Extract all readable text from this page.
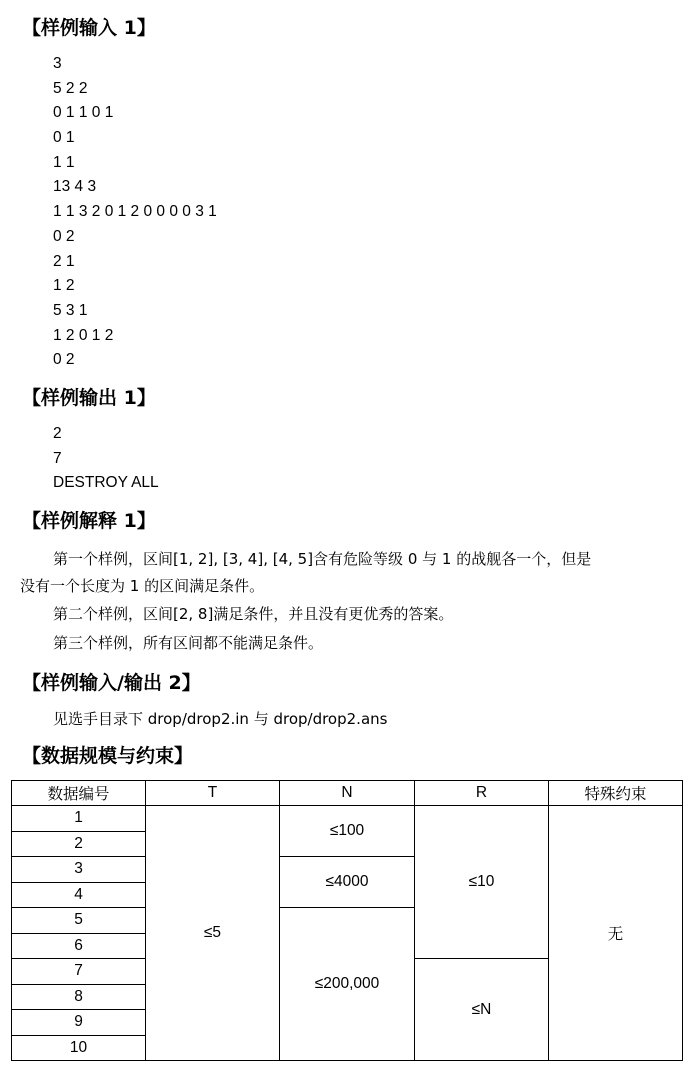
【样例输入 1】
3
5 2 2
0 1 1 0 1
0 1
1 1
13 4 3
1 1 3 2 0 1 2 0 0 0 0 3 1
0 2
2 1
1 2
5 3 1
1 2 0 1 2
0 2
【样例输出 1】
2
7
DESTROY ALL
【样例解释 1】
第一个样例，区间[1, 2], [3, 4], [4, 5]含有危险等级 0 与 1 的战舰各一个，但是
没有一个长度为 1 的区间满足条件。
第二个样例，区间[2, 8]满足条件，并且没有更优秀的答案。
第三个样例，所有区间都不能满足条件。
【样例输入/输出 2】
见选手目录下 drop/drop2.in 与 drop/drop2.ans
【数据规模与约束】
数据编号	T	N	R	特殊约束
1	≤5	≤100	≤10	无
2				
3		≤4000		
4				
5		≤200,000		
6				
7			≤N	
8				
9				
10				
